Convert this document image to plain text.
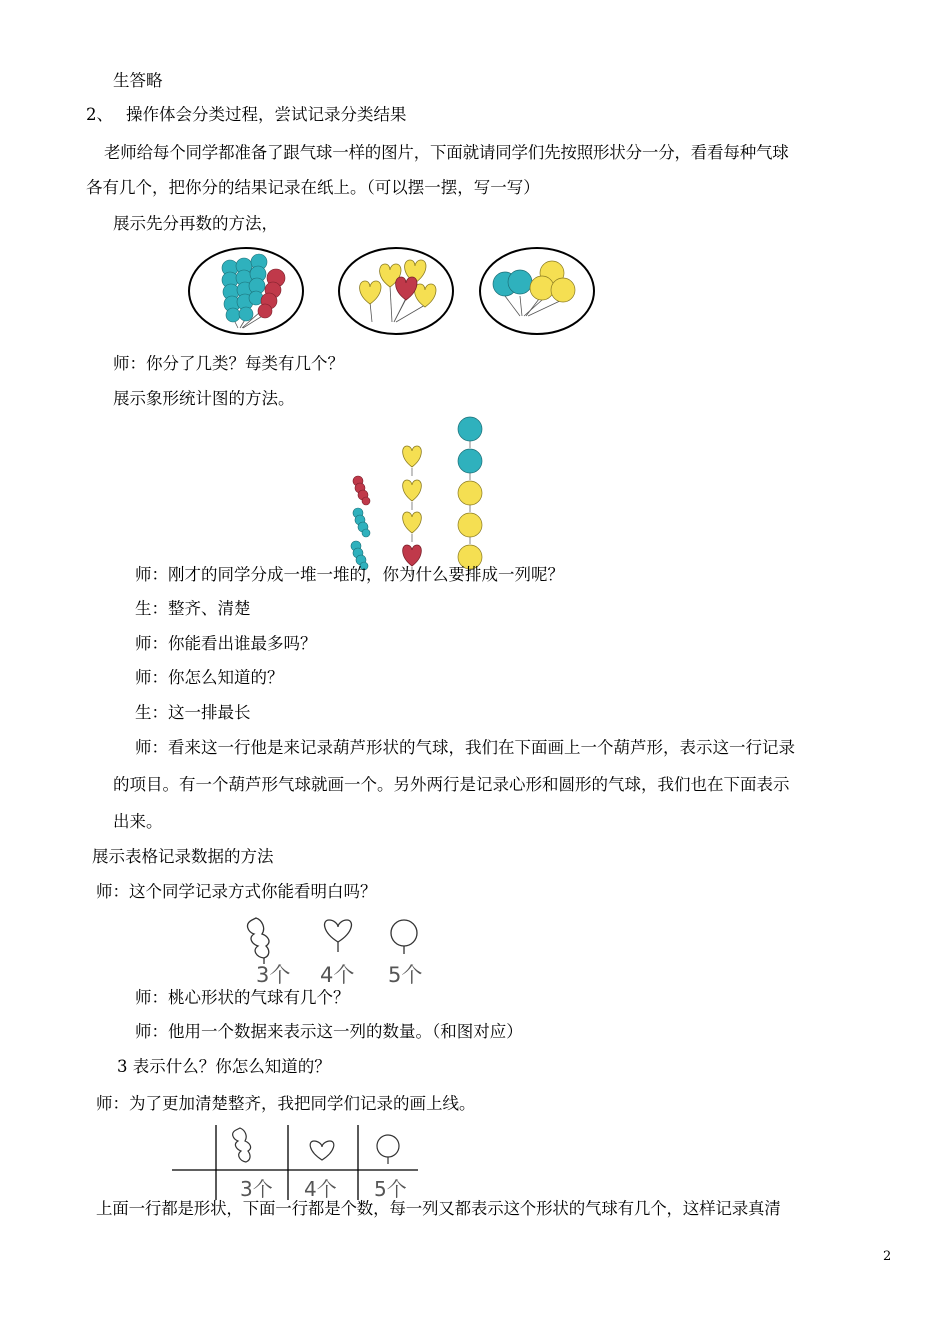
生答略
2、 操作体会分类过程，尝试记录分类结果
老师给每个同学都准备了跟气球一样的图片，下面就请同学们先按照形状分一分，看看每种气球
各有几个，把你分的结果记录在纸上。（可以摆一摆，写一写）
展示先分再数的方法，
师：你分了几类？每类有几个？
展示象形统计图的方法。
师：刚才的同学分成一堆一堆的，你为什么要排成一列呢？
生：整齐、清楚
师：你能看出谁最多吗？
师：你怎么知道的？
生：这一排最长
师：看来这一行他是来记录葫芦形状的气球，我们在下面画上一个葫芦形，表示这一行记录
的项目。有一个葫芦形气球就画一个。另外两行是记录心形和圆形的气球，我们也在下面表示
出来。
展示表格记录数据的方法
师：这个同学记录方式你能看明白吗？
3个 4个 5个
师：桃心形状的气球有几个？
师：他用一个数据来表示这一列的数量。（和图对应）
3 表示什么？你怎么知道的？
师：为了更加清楚整齐，我把同学们记录的画上线。
3个 4个 5个
上面一行都是形状，下面一行都是个数，每一列又都表示这个形状的气球有几个，这样记录真清
2
